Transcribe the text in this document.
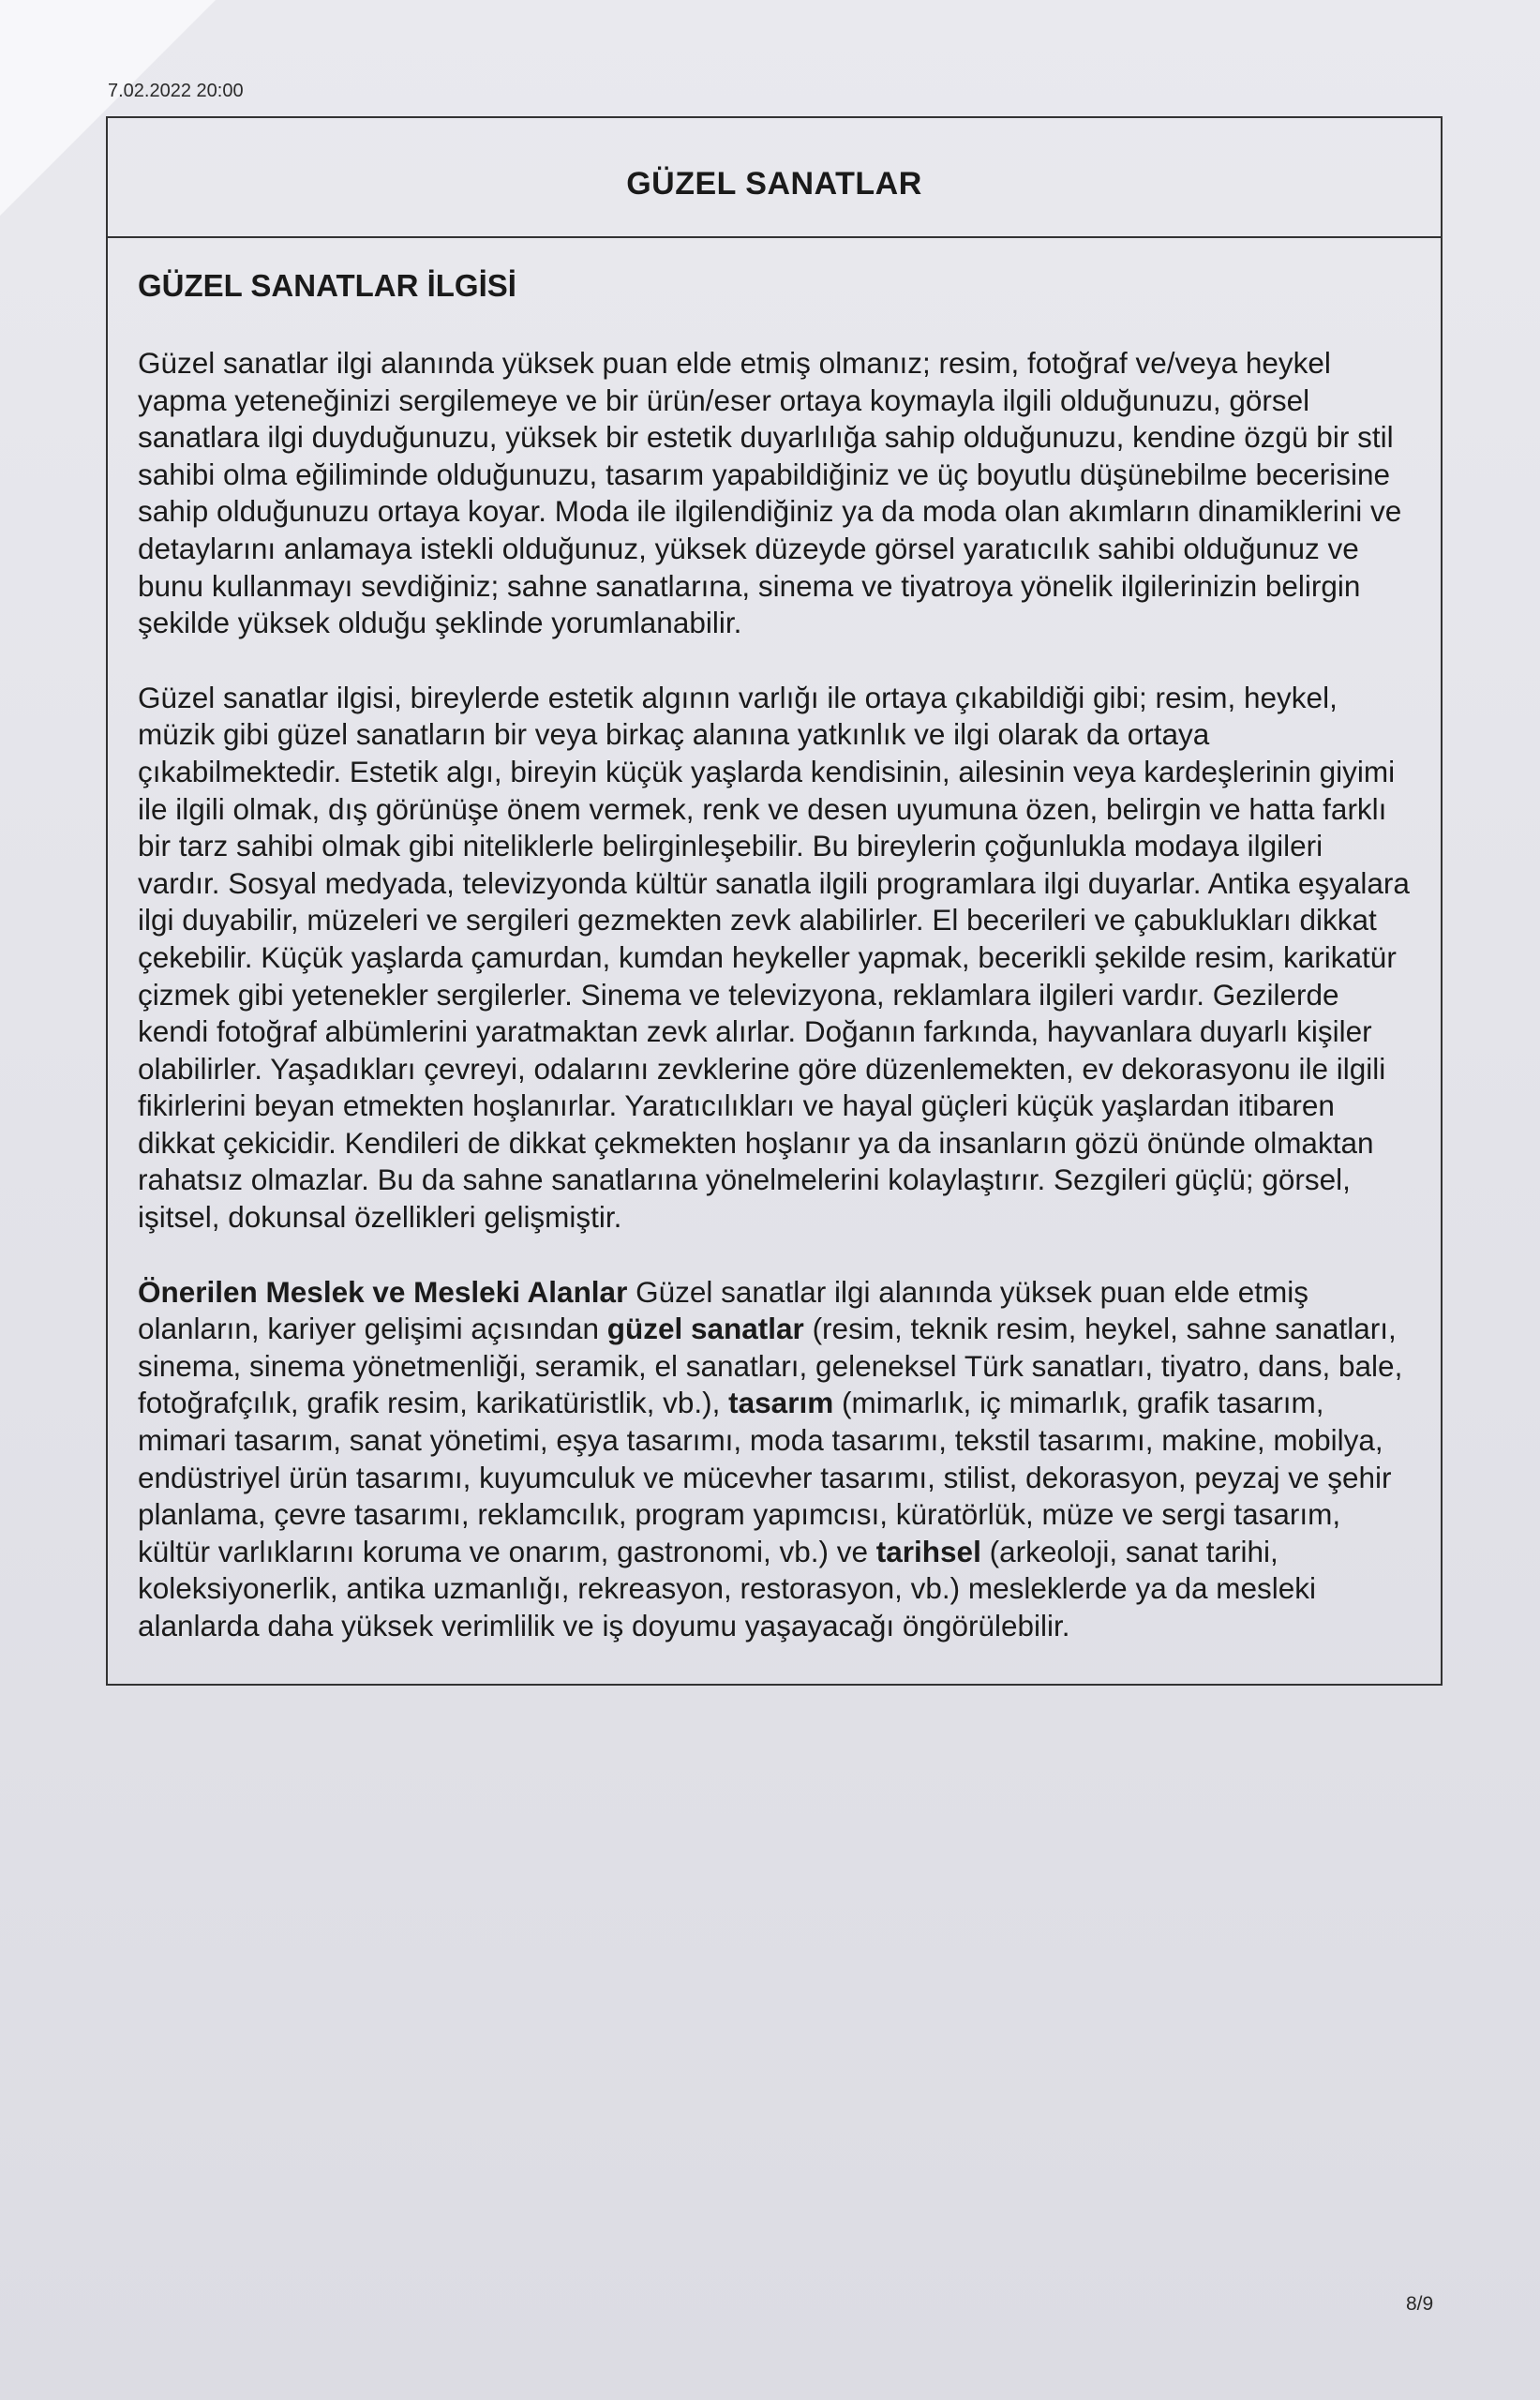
7.02.2022 20:00
GÜZEL SANATLAR
GÜZEL SANATLAR İLGİSİ

Güzel sanatlar ilgi alanında yüksek puan elde etmiş olmanız; resim, fotoğraf ve/veya heykel yapma yeteneğinizi sergilemeye ve bir ürün/eser ortaya koymayla ilgili olduğunuzu, görsel sanatlara ilgi duyduğunuzu, yüksek bir estetik duyarlılığa sahip olduğunuzu, kendine özgü bir stil sahibi olma eğiliminde olduğunuzu, tasarım yapabildiğiniz ve üç boyutlu düşünebilme becerisine sahip olduğunuzu ortaya koyar. Moda ile ilgilendiğiniz ya da moda olan akımların dinamiklerini ve detaylarını anlamaya istekli olduğunuz, yüksek düzeyde görsel yaratıcılık sahibi olduğunuz ve bunu kullanmayı sevdiğiniz; sahne sanatlarına, sinema ve tiyatroya yönelik ilgilerinizin belirgin şekilde yüksek olduğu şeklinde yorumlanabilir.

Güzel sanatlar ilgisi, bireylerde estetik algının varlığı ile ortaya çıkabildiği gibi; resim, heykel, müzik gibi güzel sanatların bir veya birkaç alanına yatkınlık ve ilgi olarak da ortaya çıkabilmektedir. Estetik algı, bireyin küçük yaşlarda kendisinin, ailesinin veya kardeşlerinin giyimi ile ilgili olmak, dış görünüşe önem vermek, renk ve desen uyumuna özen, belirgin ve hatta farklı bir tarz sahibi olmak gibi niteliklerle belirginleşebilir. Bu bireylerin çoğunlukla modaya ilgileri vardır. Sosyal medyada, televizyonda kültür sanatla ilgili programlara ilgi duyarlar. Antika eşyalara ilgi duyabilir, müzeleri ve sergileri gezmekten zevk alabilirler. El becerileri ve çabuklukları dikkat çekebilir. Küçük yaşlarda çamurdan, kumdan heykeller yapmak, becerikli şekilde resim, karikatür çizmek gibi yetenekler sergilerler. Sinema ve televizyona, reklamlara ilgileri vardır. Gezilerde kendi fotoğraf albümlerini yaratmaktan zevk alırlar. Doğanın farkında, hayvanlara duyarlı kişiler olabilirler. Yaşadıkları çevreyi, odalarını zevklerine göre düzenlemekten, ev dekorasyonu ile ilgili fikirlerini beyan etmekten hoşlanırlar. Yaratıcılıkları ve hayal güçleri küçük yaşlardan itibaren dikkat çekicidir. Kendileri de dikkat çekmekten hoşlanır ya da insanların gözü önünde olmaktan rahatsız olmazlar. Bu da sahne sanatlarına yönelmelerini kolaylaştırır. Sezgileri güçlü; görsel, işitsel, dokunsal özellikleri gelişmiştir.

Önerilen Meslek ve Mesleki Alanlar Güzel sanatlar ilgi alanında yüksek puan elde etmiş olanların, kariyer gelişimi açısından güzel sanatlar (resim, teknik resim, heykel, sahne sanatları, sinema, sinema yönetmenliği, seramik, el sanatları, geleneksel Türk sanatları, tiyatro, dans, bale, fotoğrafçılık, grafik resim, karikatüristlik, vb.), tasarım (mimarlık, iç mimarlık, grafik tasarım, mimari tasarım, sanat yönetimi, eşya tasarımı, moda tasarımı, tekstil tasarımı, makine, mobilya, endüstriyel ürün tasarımı, kuyumculuk ve mücevher tasarımı, stilist, dekorasyon, peyzaj ve şehir planlama, çevre tasarımı, reklamcılık, program yapımcısı, küratörlük, müze ve sergi tasarım, kültür varlıklarını koruma ve onarım, gastronomi, vb.) ve tarihsel (arkeoloji, sanat tarihi, koleksiyonerlik, antika uzmanlığı, rekreasyon, restorasyon, vb.) mesleklerde ya da mesleki alanlarda daha yüksek verimlilik ve iş doyumu yaşayacağı öngörülebilir.

8/9
